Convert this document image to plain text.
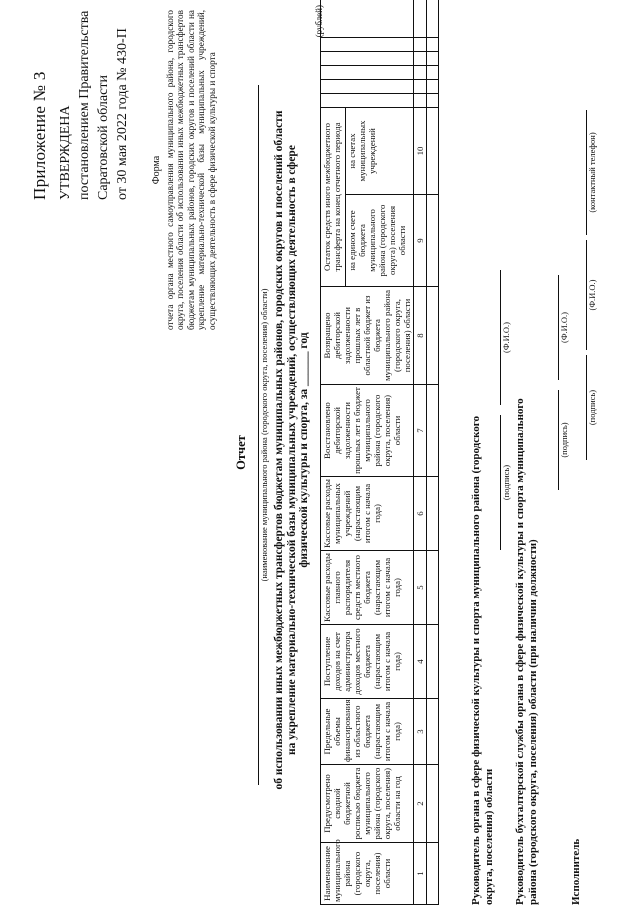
Приложение № 3 УТВЕРЖДЕНА постановлением Правительства Саратовской области от 30 мая 2022 года № 430-П Форма отчета органа местного самоуправления муниципального района, городского округа, поселения области об использовании иных межбюджетных трансфертов бюджетам муниципальных районов, городских округов и поселений области на укрепление материально-технической базы муниципальных учреждений, осуществляющих деятельность в сфере физической культуры и спорта
Отчет (наименование муниципального района (городского округа, поселения) области) об использовании иных межбюджетных трансфертов бюджетам муниципальных районов, городских округов и поселений области на укрепление материально-технической базы муниципальных учреждений, осуществляющих деятельность в сфере физической культуры и спорта, за ______ год
(рублей)
Наименование муниципального района (городского округа, поселения) области	Предусмотрено сводной бюджетной росписью бюджета муниципального района (городского округа, поселения) области на год	Предельные объемы финансирования из областного бюджета (нарастающим итогом с начала года)	Поступление доходов на счет администратора доходов местного бюджета (нарастающим итогом с начала года)	Кассовые расходы главного распорядителя средств местного бюджета (нарастающим итогом с начала года)	Кассовые расходы муниципальных учреждений (нарастающим итогом с начала года)	Восстановлено дебиторской задолженности прошлых лет в бюджет муниципального района (городского округа, поселения) области	Возвращено дебиторской задолженности прошлых лет в областной бюджет из бюджета муниципального района (городского округа, поселения) области	Остаток средств иного межбюджетного трансферта на конец отчетного периода							
								на едином счете бюджета муниципального района (городского округа) поселения области	на счетах муниципальных учреждений						
1	2	3	4	5	6	7	8	9	10						

Руководитель органа в сфере физической культуры и спорта муниципального района (городского округа, поселения) области
(подпись)
(Ф.И.О.)
Руководитель бухгалтерской службы органа в сфере физической культуры и спорта муниципального района (городского округа, поселения) области (при наличии должности)
(подпись)
(Ф.И.О.)
Исполнитель
(подпись)
(Ф.И.О.)
(контактный телефон)
